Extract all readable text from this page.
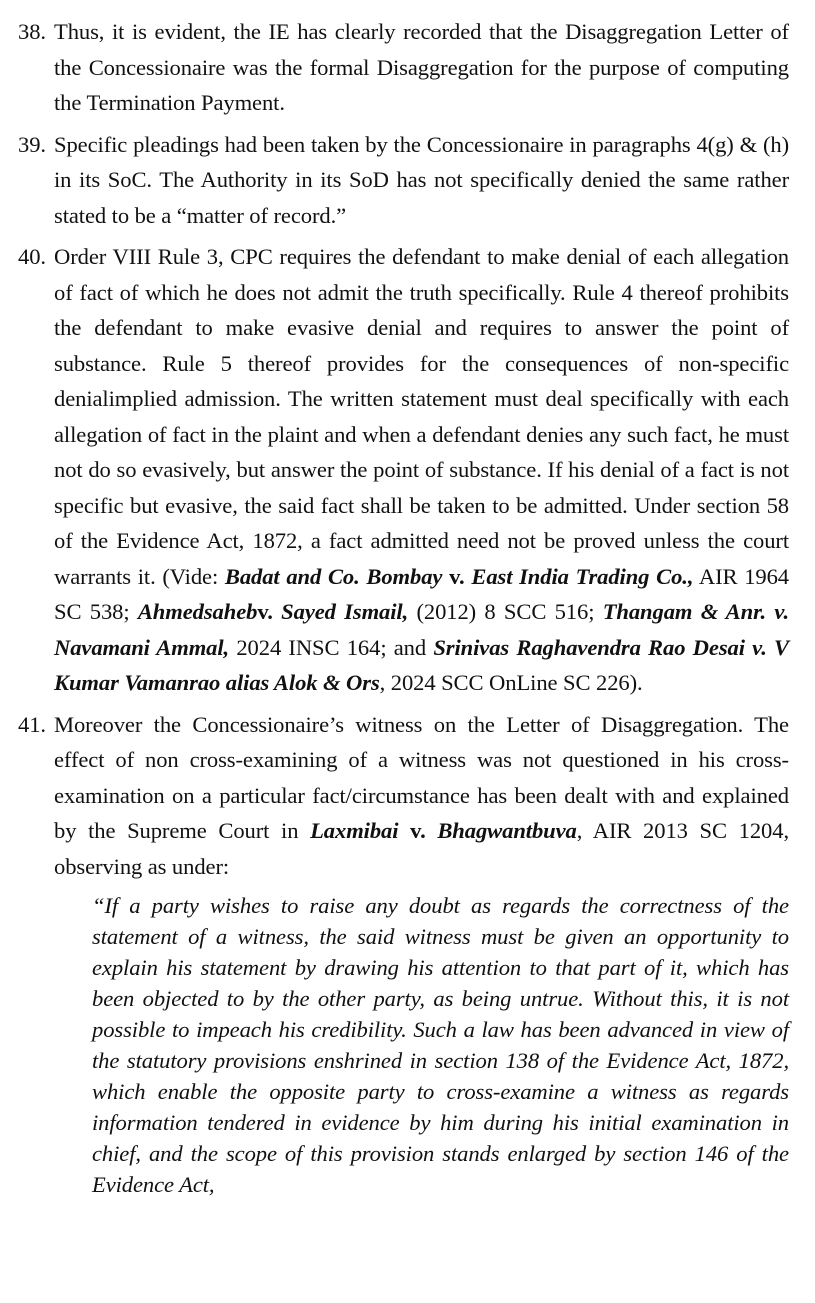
38. Thus, it is evident, the IE has clearly recorded that the Disaggregation Letter of the Concessionaire was the formal Disaggregation for the purpose of computing the Termination Payment.

39. Specific pleadings had been taken by the Concessionaire in paragraphs 4(g) & (h) in its SoC. The Authority in its SoD has not specifically denied the same rather stated to be a “matter of record.”

40. Order VIII Rule 3, CPC requires the defendant to make denial of each allegation of fact of which he does not admit the truth specifically. Rule 4 thereof prohibits the defendant to make evasive denial and requires to answer the point of substance. Rule 5 thereof provides for the consequences of non-specific denialimplied admission. The written statement must deal specifically with each allegation of fact in the plaint and when a defendant denies any such fact, he must not do so evasively, but answer the point of substance. If his denial of a fact is not specific but evasive, the said fact shall be taken to be admitted. Under section 58 of the Evidence Act, 1872, a fact admitted need not be proved unless the court warrants it. (Vide: Badat and Co. Bombay v. East India Trading Co., AIR 1964 SC 538; Ahmedsahebv. Sayed Ismail, (2012) 8 SCC 516; Thangam & Anr. v. Navamani Ammal, 2024 INSC 164; and Srinivas Raghavendra Rao Desai v. V Kumar Vamanrao alias Alok & Ors, 2024 SCC OnLine SC 226).

41. Moreover the Concessionaire’s witness on the Letter of Disaggregation. The effect of non cross-examining of a witness was not questioned in his cross-examination on a particular fact/circumstance has been dealt with and explained by the Supreme Court in Laxmibai v. Bhagwantbuva, AIR 2013 SC 1204, observing as under:

“If a party wishes to raise any doubt as regards the correctness of the statement of a witness, the said witness must be given an opportunity to explain his statement by drawing his attention to that part of it, which has been objected to by the other party, as being untrue. Without this, it is not possible to impeach his credibility. Such a law has been advanced in view of the statutory provisions enshrined in section 138 of the Evidence Act, 1872, which enable the opposite party to cross-examine a witness as regards information tendered in evidence by him during his initial examination in chief, and the scope of this provision stands enlarged by section 146 of the Evidence Act,
